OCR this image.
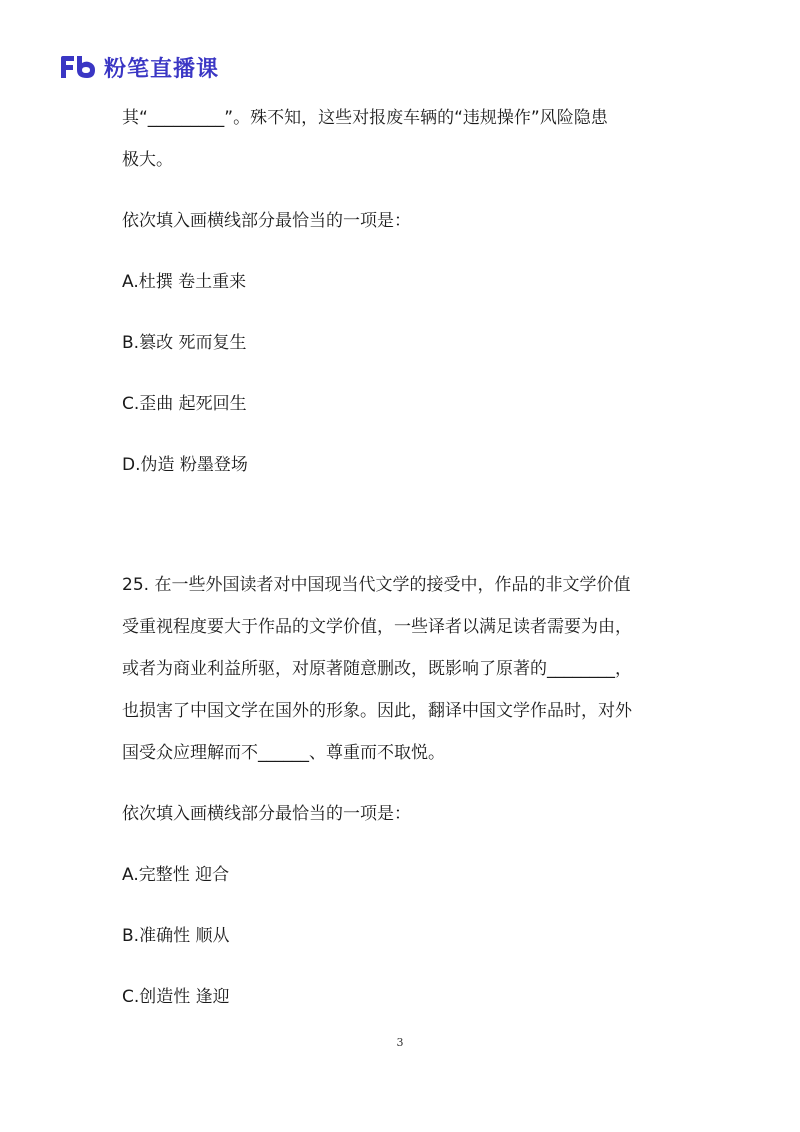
粉笔直播课
其“_________”。殊不知，这些对报废车辆的“违规操作”风险隐患
极大。
依次填入画横线部分最恰当的一项是：
A.杜撰 卷土重来
B.篡改 死而复生
C.歪曲 起死回生
D.伪造 粉墨登场
25. 在一些外国读者对中国现当代文学的接受中，作品的非文学价值
受重视程度要大于作品的文学价值，一些译者以满足读者需要为由，
或者为商业利益所驱，对原著随意删改，既影响了原著的________，
也损害了中国文学在国外的形象。因此，翻译中国文学作品时，对外
国受众应理解而不______、尊重而不取悦。
依次填入画横线部分最恰当的一项是：
A.完整性 迎合
B.准确性 顺从
C.创造性 逢迎
3
